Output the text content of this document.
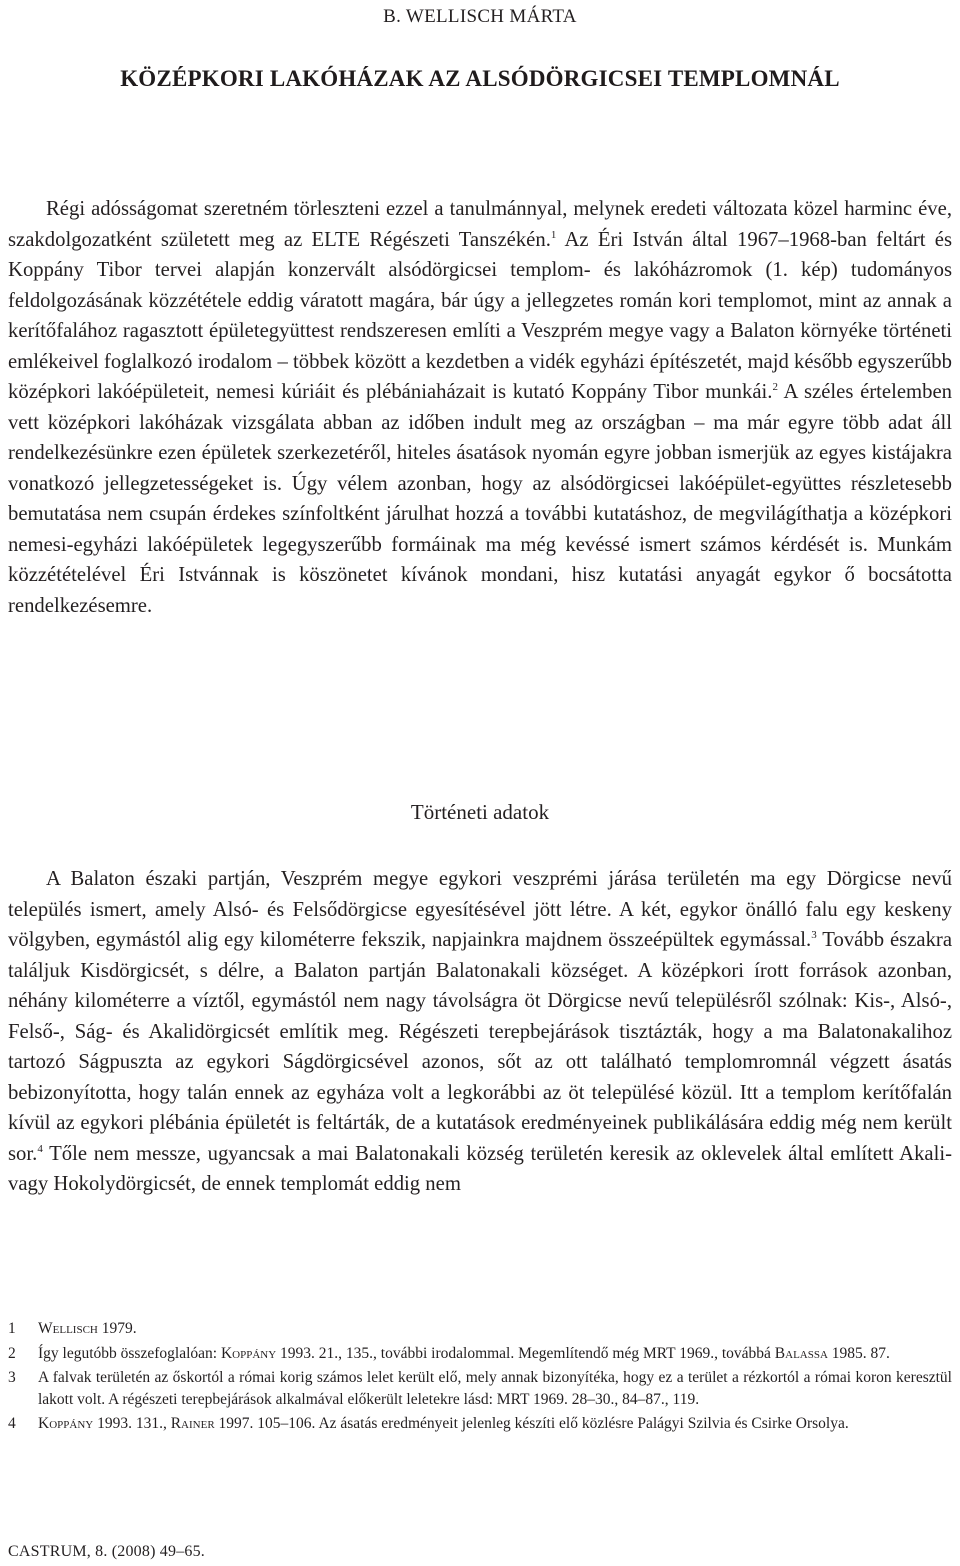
B. WELLISCH MÁRTA
KÖZÉPKORI LAKÓHÁZAK AZ ALSÓDÖRGICSEI TEMPLOMNÁL

Régi adósságomat szeretném törleszteni ezzel a tanulmánnyal, melynek eredeti változata közel harminc éve, szakdolgozatként született meg az ELTE Régészeti Tanszékén.$^1$ Az Éri István által 1967–1968-ban feltárt és Koppány Tibor tervei alapján konzervált alsódörgicsei templom- és lakóházromok (1. kép) tudományos feldolgozásának közzététele eddig váratott magára, bár úgy a jellegzetes román kori templomot, mint az annak a kerítőfalához ragasztott épületegyüttest rendszeresen említi a Veszprém megye vagy a Balaton környéke történeti emlékeivel foglalkozó irodalom – többek között a kezdetben a vidék egyházi építészetét, majd később egyszerűbb középkori lakóépületeit, nemesi kúriáit és plébániaházait is kutató Koppány Tibor munkái.$^2$ A széles értelemben vett középkori lakóházak vizsgálata abban az időben indult meg az országban – ma már egyre több adat áll rendelkezésünkre ezen épületek szerkezetéről, hiteles ásatások nyomán egyre jobban ismerjük az egyes kistájakra vonatkozó jellegzetességeket is. Úgy vélem azonban, hogy az alsódörgicsei lakóépület-együttes részletesebb bemutatása nem csupán érdekes színfoltként járulhat hozzá a további kutatáshoz, de megvilágíthatja a középkori nemesi-egyházi lakóépületek legegyszerűbb formáinak ma még kevéssé ismert számos kérdését is. Munkám közzétételével Éri Istvánnak is köszönetet kívánok mondani, hisz kutatási anyagát egykor ő bocsátotta rendelkezésemre.

Történeti adatok

A Balaton északi partján, Veszprém megye egykori veszprémi járása területén ma egy Dörgicse nevű település ismert, amely Alsó- és Felsődörgicse egyesítésével jött létre. A két, egykor önálló falu egy keskeny völgyben, egymástól alig egy kilométerre fekszik, napjainkra majdnem összeépültek egymással.$^3$ Tovább északra találjuk Kisdörgicsét, s délre, a Balaton partján Balatonakali községet. A középkori írott források azonban, néhány kilométerre a víztől, egymástól nem nagy távolságra öt Dörgicse nevű településről szólnak: Kis-, Alsó-, Felső-, Ság- és Akalidörgicsét említik meg. Régészeti terepbejárások tisztázták, hogy a ma Balatonakalihoz tartozó Ságpuszta az egykori Ságdörgicsével azonos, sőt az ott található templomromnál végzett ásatás bebizonyította, hogy talán ennek az egyháza volt a legkorábbi az öt településé közül. Itt a templom kerítőfalán kívül az egykori plébánia épületét is feltárták, de a kutatások eredményeinek publikálására eddig még nem került sor.$^4$ Tőle nem messze, ugyancsak a mai Balatonakali község területén keresik az oklevelek által említett Akali- vagy Hokolydörgicsét, de ennek templomát eddig nem

1	Wellisch 1979.
2	Így legutóbb összefoglalóan: Koppány 1993. 21., 135., további irodalommal. Megemlítendő még MRT 1969., továbbá Balassa 1985. 87.
3	A falvak területén az őskortól a római korig számos lelet került elő, mely annak bizonyítéka, hogy ez a terület a rézkortól a római koron keresztül lakott volt. A régészeti terepbejárások alkalmával előkerült leletekre lásd: MRT 1969. 28–30., 84–87., 119.
4	Koppány 1993. 131., Rainer 1997. 105–106. Az ásatás eredményeit jelenleg készíti elő közlésre Palágyi Szilvia és Csirke Orsolya.
CASTRUM, 8. (2008) 49–65.
